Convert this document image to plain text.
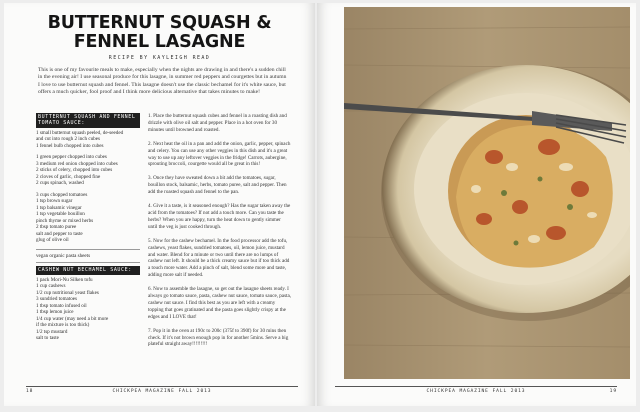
BUTTERNUT SQUASH &
FENNEL LASAGNE
RECIPE BY KAYLEIGH READ

This is one of my favourite meals to make, especially when the nights are drawing in and there's a sudden chill in the evening air! I use seasonal produce for this lasagne, in summer red peppers and courgettes but in autumn I love to use butternut squash and fennel. This lasagne doesn't use the classic bechamel for it's white sauce, but offers a much quicker, fool proof and I think more delicious alternative that takes minutes to make!

BUTTERNUT SQUASH AND FENNEL TOMATO SAUCE:
1 small butternut squash peeled, de-seeded
and cut into rough 2 inch cubes
1 fennel bulb chopped into cubes
1 green pepper chopped into cubes
3 medium red onion chopped into cubes
2 sticks of celery, chopped into cubes
2 cloves of garlic, chopped fine
2 cups spinach, washed
3 cups chopped tomatoes
1 tsp brown sugar
1 tsp balsamic vinegar
1 tsp vegetable bouillon
pinch thyme or mixed herbs
2 tbsp tomato puree
salt and pepper to taste
glug of olive oil
vegan organic pasta sheets
CASHEW NUT BECHAMEL SAUCE:
1 pack Mori-Nu Silken tofu
1 cup cashews
1/2 cup nutritional yeast flakes
3 sundried tomatoes
1 tbsp tomato infused oil
1 tbsp lemon juice
1/4 cup water (may need a bit more
if the mixture is too thick)
1/2 tsp mustard
salt to taste

1. Place the butternut squash cubes and fennel in a roasting dish and drizzle with olive oil salt and pepper. Place in a hot oven for 30 minutes until browned and roasted.

2. Next heat the oil in a pan and add the onion, garlic, pepper, spinach and celery. You can use any other veggies in this dish and it's a great way to use up any leftover veggies in the fridge! Carrots, aubergine, sprouting broccoli, courgette would all be great in this!

3. Once they have sweated down a bit add the tomatoes, sugar, bouillon stock, balsamic, herbs, tomato puree, salt and pepper. Then add the roasted squash and fennel to the pan.

4. Give it a taste, is it seasoned enough? Has the sugar taken away the acid from the tomatoes? If not add a touch more. Can you taste the herbs? When you are happy, turn the heat down to gently simmer until the veg is just cooked through.

5. Now for the cashew bechamel. In the food processor add the tofu, cashews, yeast flakes, sundried tomatoes, oil, lemon juice, mustard and water. Blend for a minute or two until there are no lumps of cashew nut left. It should be a thick creamy sauce but if too thick add a touch more water. Add a pinch of salt, blend some more and taste, adding more salt if needed.

6. Now to assemble the lasagne, so get out the lasagne sheets ready. I always go tomato sauce, pasta, cashew nut sauce, tomato sauce, pasta, cashew nut sauce. I find this best as you are left with a creamy topping that goes gratinated and the pasta goes slightly crispy at the edges and I LOVE that!

7. Pop it in the oven at 190c to 200c (375f to 390f) for 30 mins then check. If it's not brown enough pop in for another 5mins. Serve a big plateful straight away!!!!!!!!!

18	CHICKPEA MAGAZINE FALL 2013	CHICKPEA MAGAZINE FALL 2013	19
